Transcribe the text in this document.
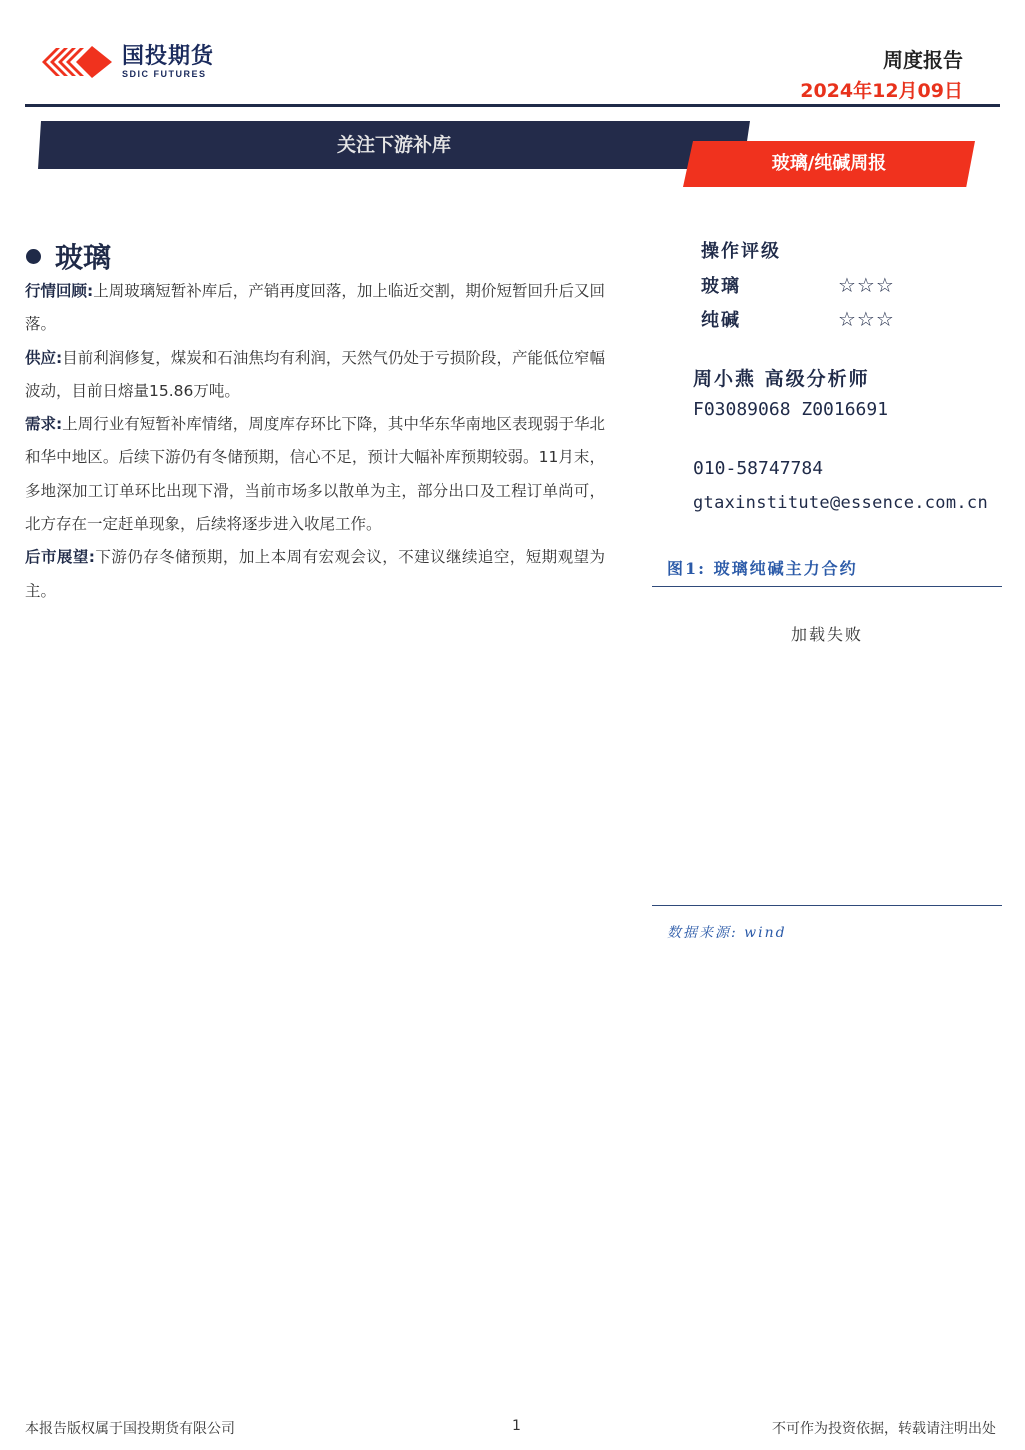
国投期货
SDIC FUTURES
周度报告
2024年12月09日
关注下游补库
玻璃/纯碱周报
玻璃

行情回顾:上周玻璃短暂补库后，产销再度回落，加上临近交割，期价短暂回升后又回落。

供应:目前利润修复，煤炭和石油焦均有利润，天然气仍处于亏损阶段，产能低位窄幅波动，目前日熔量15.86万吨。

需求:上周行业有短暂补库情绪，周度库存环比下降，其中华东华南地区表现弱于华北和华中地区。后续下游仍有冬储预期，信心不足，预计大幅补库预期较弱。11月末，多地深加工订单环比出现下滑，当前市场多以散单为主，部分出口及工程订单尚可，北方存在一定赶单现象，后续将逐步进入收尾工作。

后市展望:下游仍存冬储预期，加上本周有宏观会议，不建议继续追空，短期观望为主。

操作评级
玻璃	☆☆☆
纯碱	☆☆☆
周小燕 高级分析师
F03089068 Z0016691
010-58747784
gtaxinstitute@essence.com.cn
图1: 玻璃纯碱主力合约
加载失败
数据来源: wind
本报告版权属于国投期货有限公司	1	不可作为投资依据，转载请注明出处
